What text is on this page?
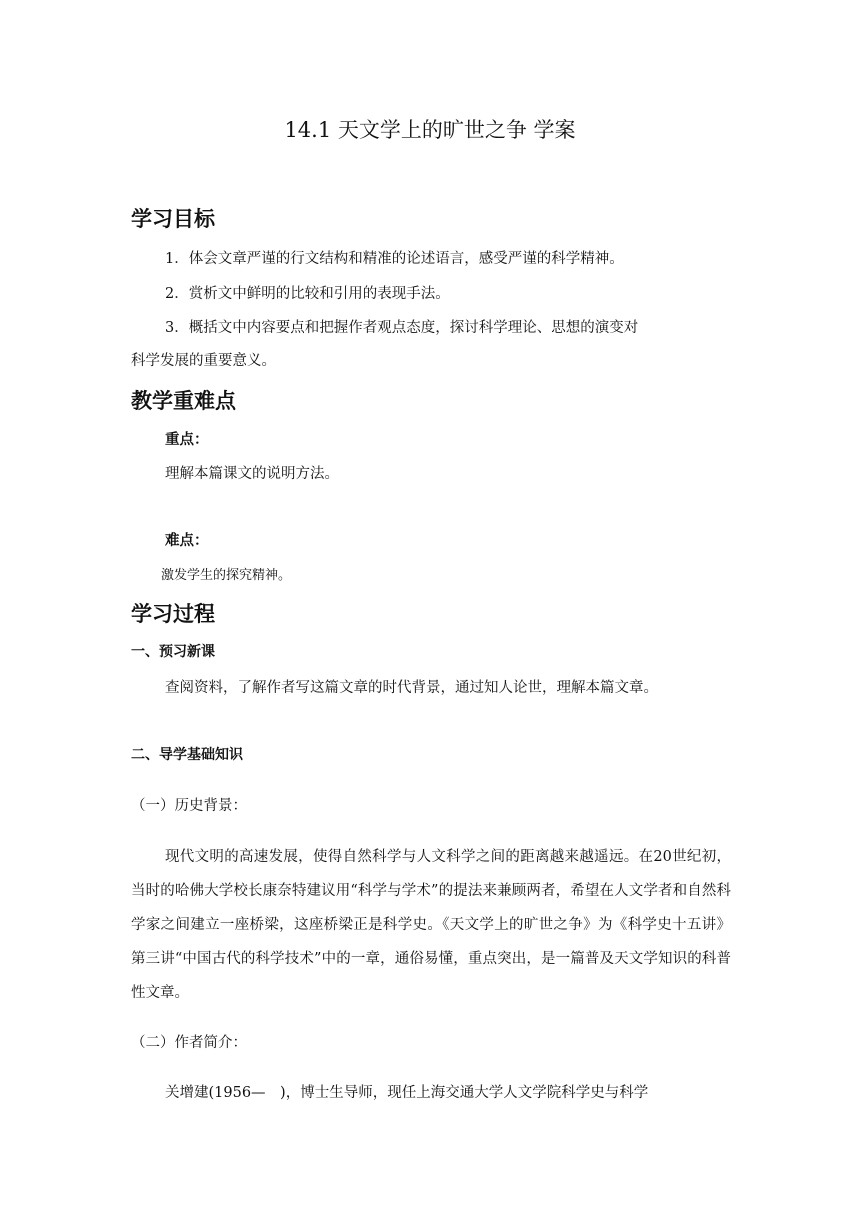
14.1 天文学上的旷世之争 学案
学习目标
1．体会文章严谨的行文结构和精准的论述语言，感受严谨的科学精神。
2．赏析文中鲜明的比较和引用的表现手法。
3．概括文中内容要点和把握作者观点态度，探讨科学理论、思想的演变对
科学发展的重要意义。
教学重难点
重点：
理解本篇课文的说明方法。
难点：
激发学生的探究精神。
学习过程
一、预习新课
查阅资料，了解作者写这篇文章的时代背景，通过知人论世，理解本篇文章。
二、导学基础知识
（一）历史背景：
现代文明的高速发展，使得自然科学与人文科学之间的距离越来越遥远。在20世纪初，当时的哈佛大学校长康奈特建议用“科学与学术”的提法来兼顾两者，希望在人文学者和自然科学家之间建立一座桥梁，这座桥梁正是科学史。《天文学上的旷世之争》为《科学史十五讲》第三讲“中国古代的科学技术”中的一章，通俗易懂，重点突出，是一篇普及天文学知识的科普性文章。
（二）作者简介：
关增建(1956—　)，博士生导师，现任上海交通大学人文学院科学史与科学
